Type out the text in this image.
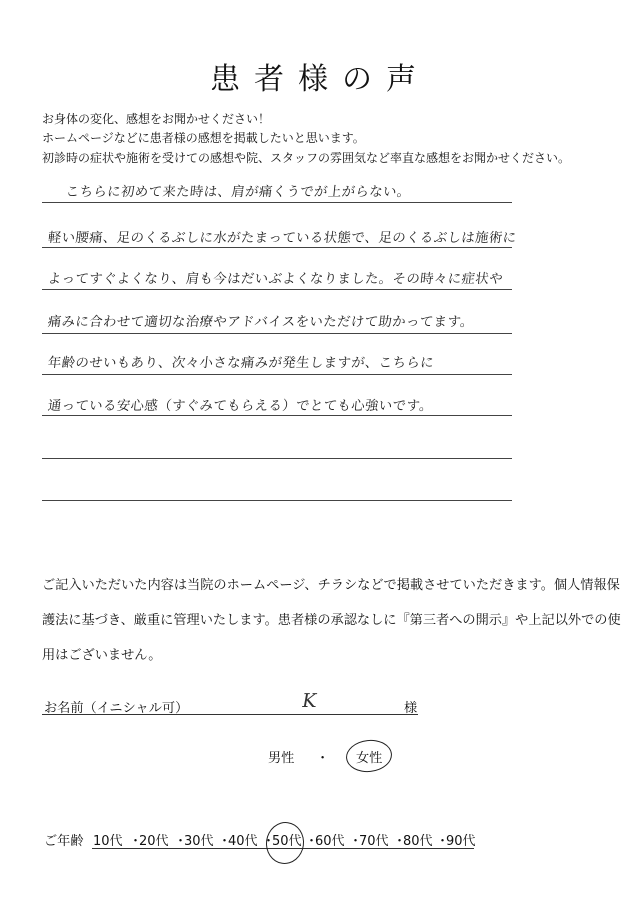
患者様の声
お身体の変化、感想をお聞かせください！
ホームページなどに患者様の感想を掲載したいと思います。
初診時の症状や施術を受けての感想や院、スタッフの雰囲気など率直な感想をお聞かせください。
こちらに初めて来た時は、肩が痛くうでが上がらない。
軽い腰痛、足のくるぶしに水がたまっている状態で、足のくるぶしは施術に
よってすぐよくなり、肩も今はだいぶよくなりました。その時々に症状や
痛みに合わせて適切な治療やアドバイスをいただけて助かってます。
年齢のせいもあり、次々小さな痛みが発生しますが、こちらに
通っている安心感（すぐみてもらえる）でとても心強いです。
ご記入いただいた内容は当院のホームページ、チラシなどで掲載させていただきます。個人情報保
護法に基づき、厳重に管理いたします。患者様の承認なしに『第三者への開示』や上記以外での使
用はございません。
お名前（イニシャル可）	K	様
男性 ・ 女性
ご年齢 10代 ・
20代 ・
30代 ・
40代 ・
50代 ・
60代 ・
70代 ・
80代 ・
90代
